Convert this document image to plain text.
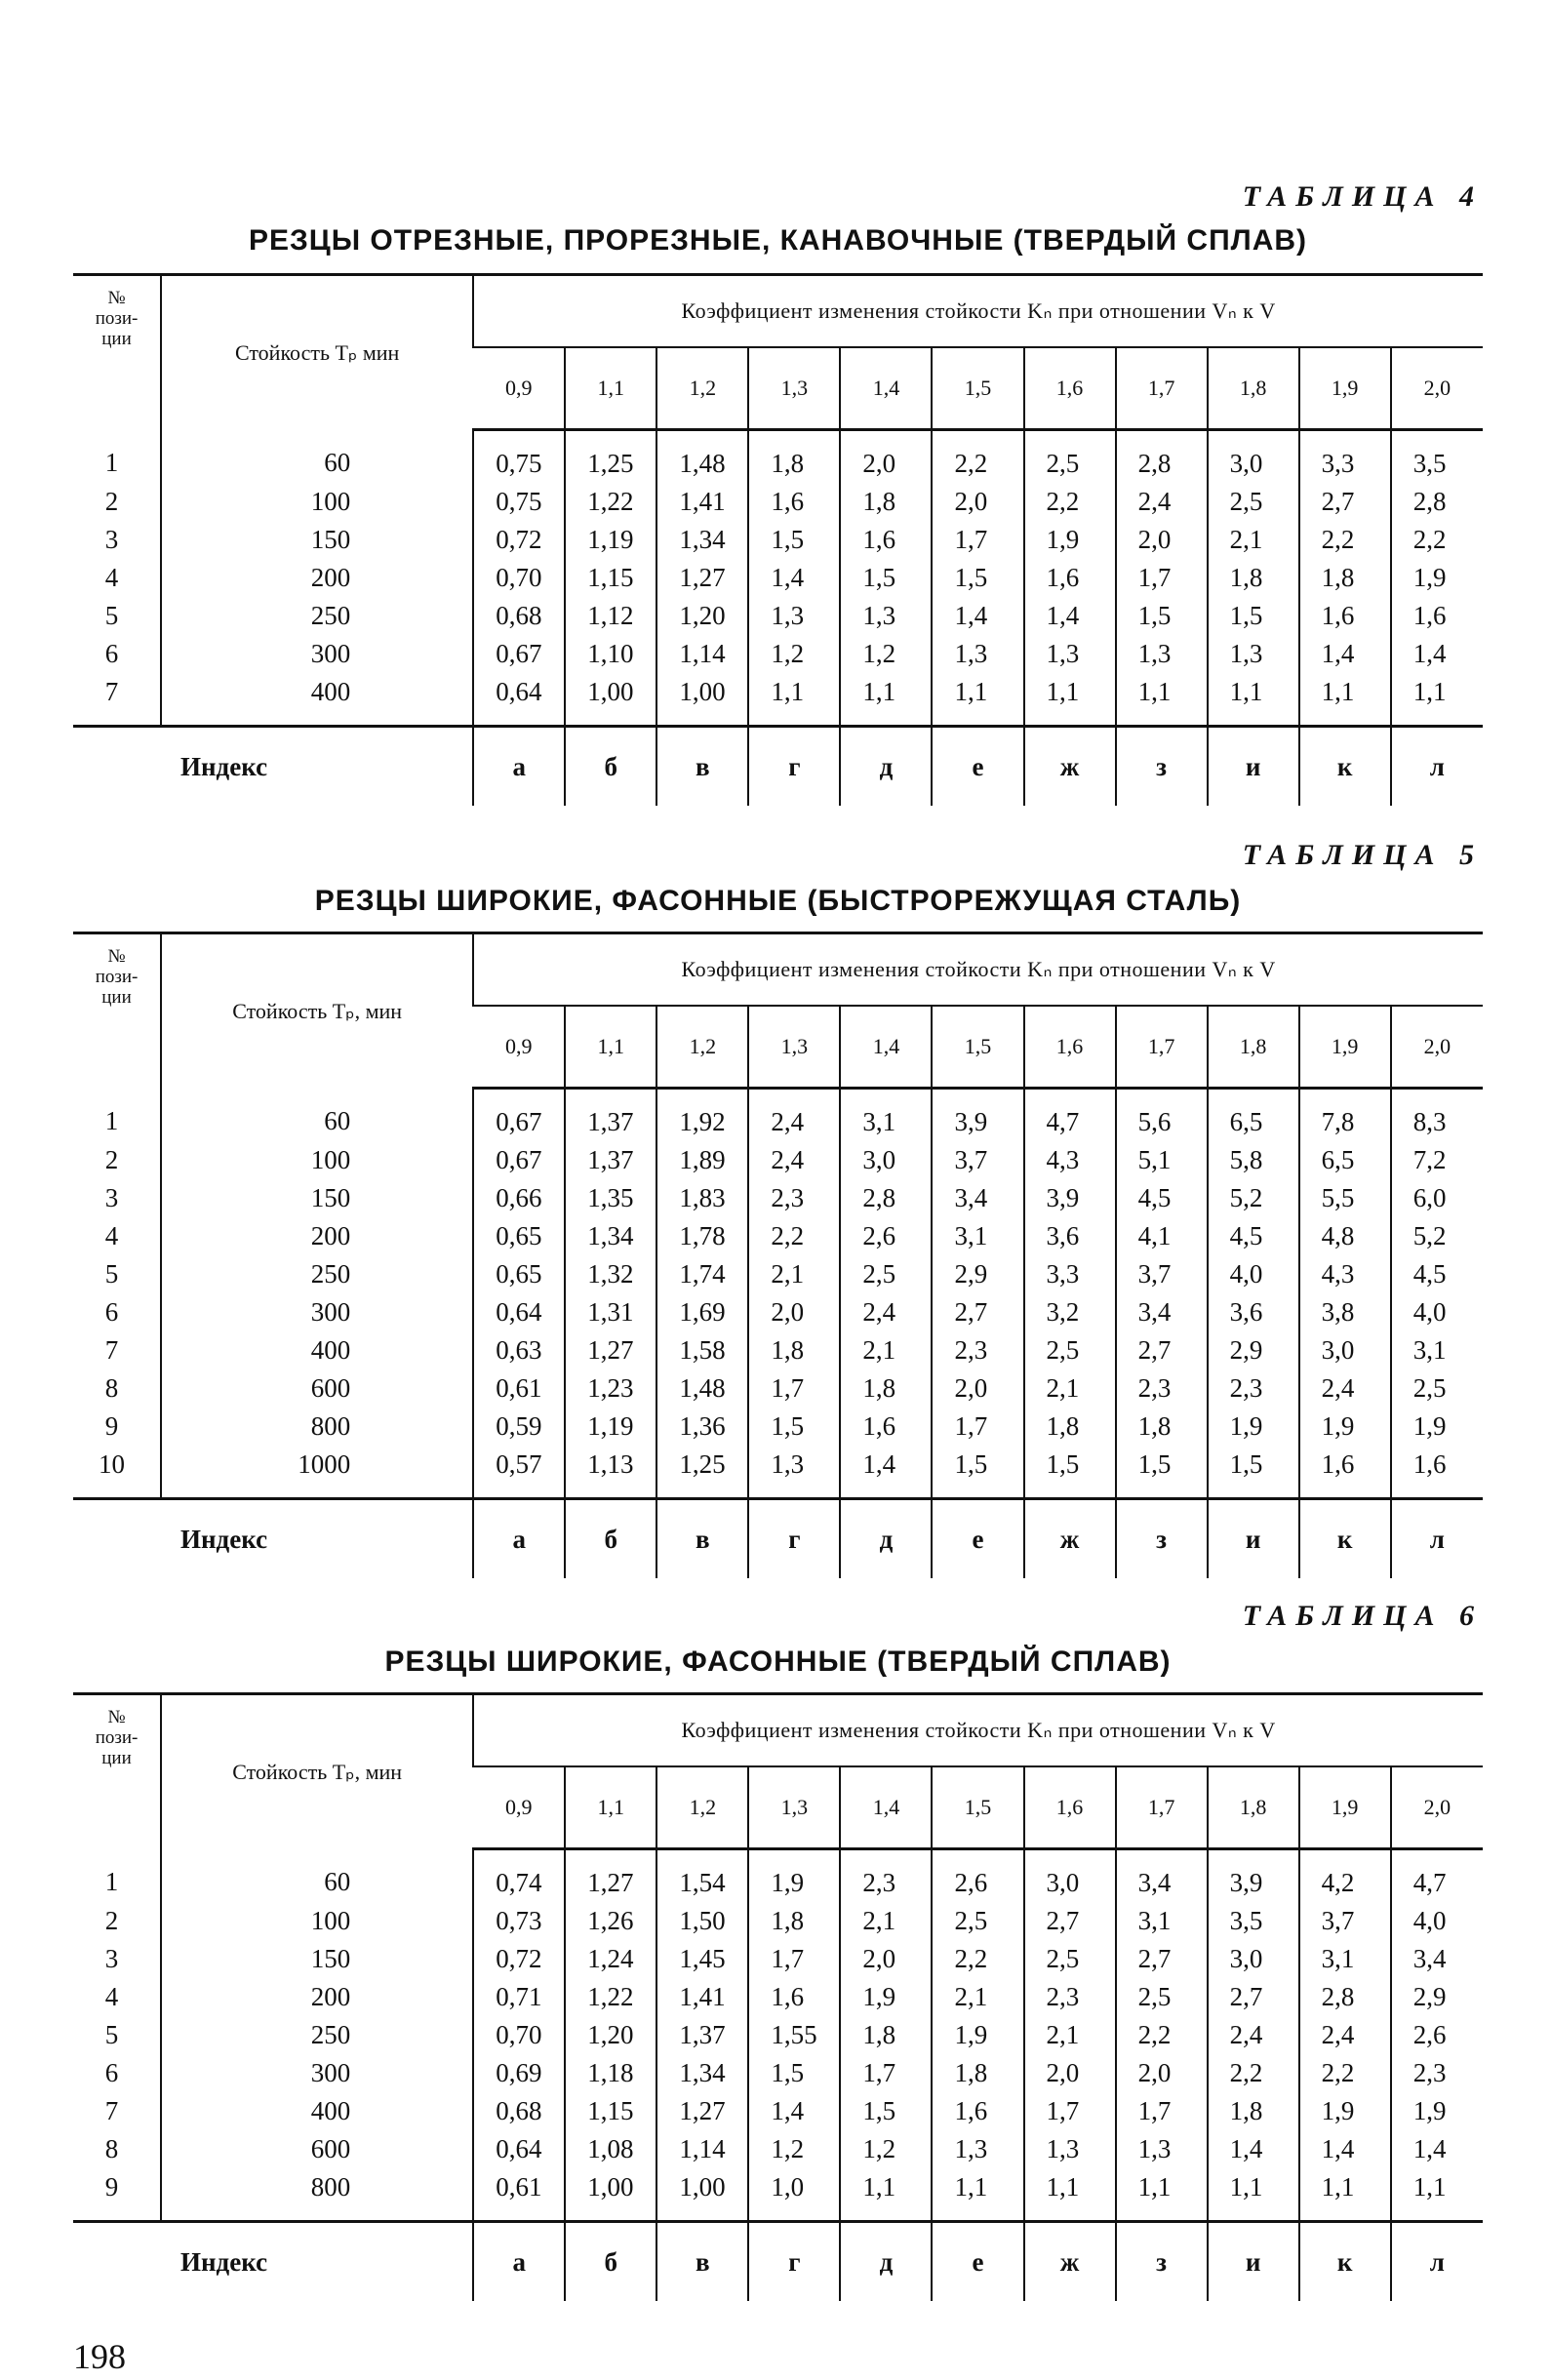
ТАБЛИЦА 4
РЕЗЦЫ ОТРЕЗНЫЕ, ПРОРЕЗНЫЕ, КАНАВОЧНЫЕ (ТВЕРДЫЙ СПЛАВ)
№
пози-
ции	Стойкость Tₚ мин	Коэффициент изменения стойкости Kₙ при отношении Vₙ к V										
		0,9	1,1	1,2	1,3	1,4	1,5	1,6	1,7	1,8	1,9	2,0
1	60	0,75	1,25	1,48	1,8	2,0	2,2	2,5	2,8	3,0	3,3	3,5
2	100	0,75	1,22	1,41	1,6	1,8	2,0	2,2	2,4	2,5	2,7	2,8
3	150	0,72	1,19	1,34	1,5	1,6	1,7	1,9	2,0	2,1	2,2	2,2
4	200	0,70	1,15	1,27	1,4	1,5	1,5	1,6	1,7	1,8	1,8	1,9
5	250	0,68	1,12	1,20	1,3	1,3	1,4	1,4	1,5	1,5	1,6	1,6
6	300	0,67	1,10	1,14	1,2	1,2	1,3	1,3	1,3	1,3	1,4	1,4
7	400	0,64	1,00	1,00	1,1	1,1	1,1	1,1	1,1	1,1	1,1	1,1
Индекс		а	б	в	г	д	е	ж	з	и	к	л
ТАБЛИЦА 5
РЕЗЦЫ ШИРОКИЕ, ФАСОННЫЕ (БЫСТРОРЕЖУЩАЯ СТАЛЬ)
№
пози-
ции	Стойкость Tₚ, мин	Коэффициент изменения стойкости Kₙ при отношении Vₙ к V										
		0,9	1,1	1,2	1,3	1,4	1,5	1,6	1,7	1,8	1,9	2,0
1	60	0,67	1,37	1,92	2,4	3,1	3,9	4,7	5,6	6,5	7,8	8,3
2	100	0,67	1,37	1,89	2,4	3,0	3,7	4,3	5,1	5,8	6,5	7,2
3	150	0,66	1,35	1,83	2,3	2,8	3,4	3,9	4,5	5,2	5,5	6,0
4	200	0,65	1,34	1,78	2,2	2,6	3,1	3,6	4,1	4,5	4,8	5,2
5	250	0,65	1,32	1,74	2,1	2,5	2,9	3,3	3,7	4,0	4,3	4,5
6	300	0,64	1,31	1,69	2,0	2,4	2,7	3,2	3,4	3,6	3,8	4,0
7	400	0,63	1,27	1,58	1,8	2,1	2,3	2,5	2,7	2,9	3,0	3,1
8	600	0,61	1,23	1,48	1,7	1,8	2,0	2,1	2,3	2,3	2,4	2,5
9	800	0,59	1,19	1,36	1,5	1,6	1,7	1,8	1,8	1,9	1,9	1,9
10	1000	0,57	1,13	1,25	1,3	1,4	1,5	1,5	1,5	1,5	1,6	1,6
Индекс		а	б	в	г	д	е	ж	з	и	к	л
ТАБЛИЦА 6
РЕЗЦЫ ШИРОКИЕ, ФАСОННЫЕ (ТВЕРДЫЙ СПЛАВ)
№
пози-
ции	Стойкость Tₚ, мин	Коэффициент изменения стойкости Kₙ при отношении Vₙ к V										
		0,9	1,1	1,2	1,3	1,4	1,5	1,6	1,7	1,8	1,9	2,0
1	60	0,74	1,27	1,54	1,9	2,3	2,6	3,0	3,4	3,9	4,2	4,7
2	100	0,73	1,26	1,50	1,8	2,1	2,5	2,7	3,1	3,5	3,7	4,0
3	150	0,72	1,24	1,45	1,7	2,0	2,2	2,5	2,7	3,0	3,1	3,4
4	200	0,71	1,22	1,41	1,6	1,9	2,1	2,3	2,5	2,7	2,8	2,9
5	250	0,70	1,20	1,37	1,55	1,8	1,9	2,1	2,2	2,4	2,4	2,6
6	300	0,69	1,18	1,34	1,5	1,7	1,8	2,0	2,0	2,2	2,2	2,3
7	400	0,68	1,15	1,27	1,4	1,5	1,6	1,7	1,7	1,8	1,9	1,9
8	600	0,64	1,08	1,14	1,2	1,2	1,3	1,3	1,3	1,4	1,4	1,4
9	800	0,61	1,00	1,00	1,0	1,1	1,1	1,1	1,1	1,1	1,1	1,1
Индекс		а	б	в	г	д	е	ж	з	и	к	л
198
